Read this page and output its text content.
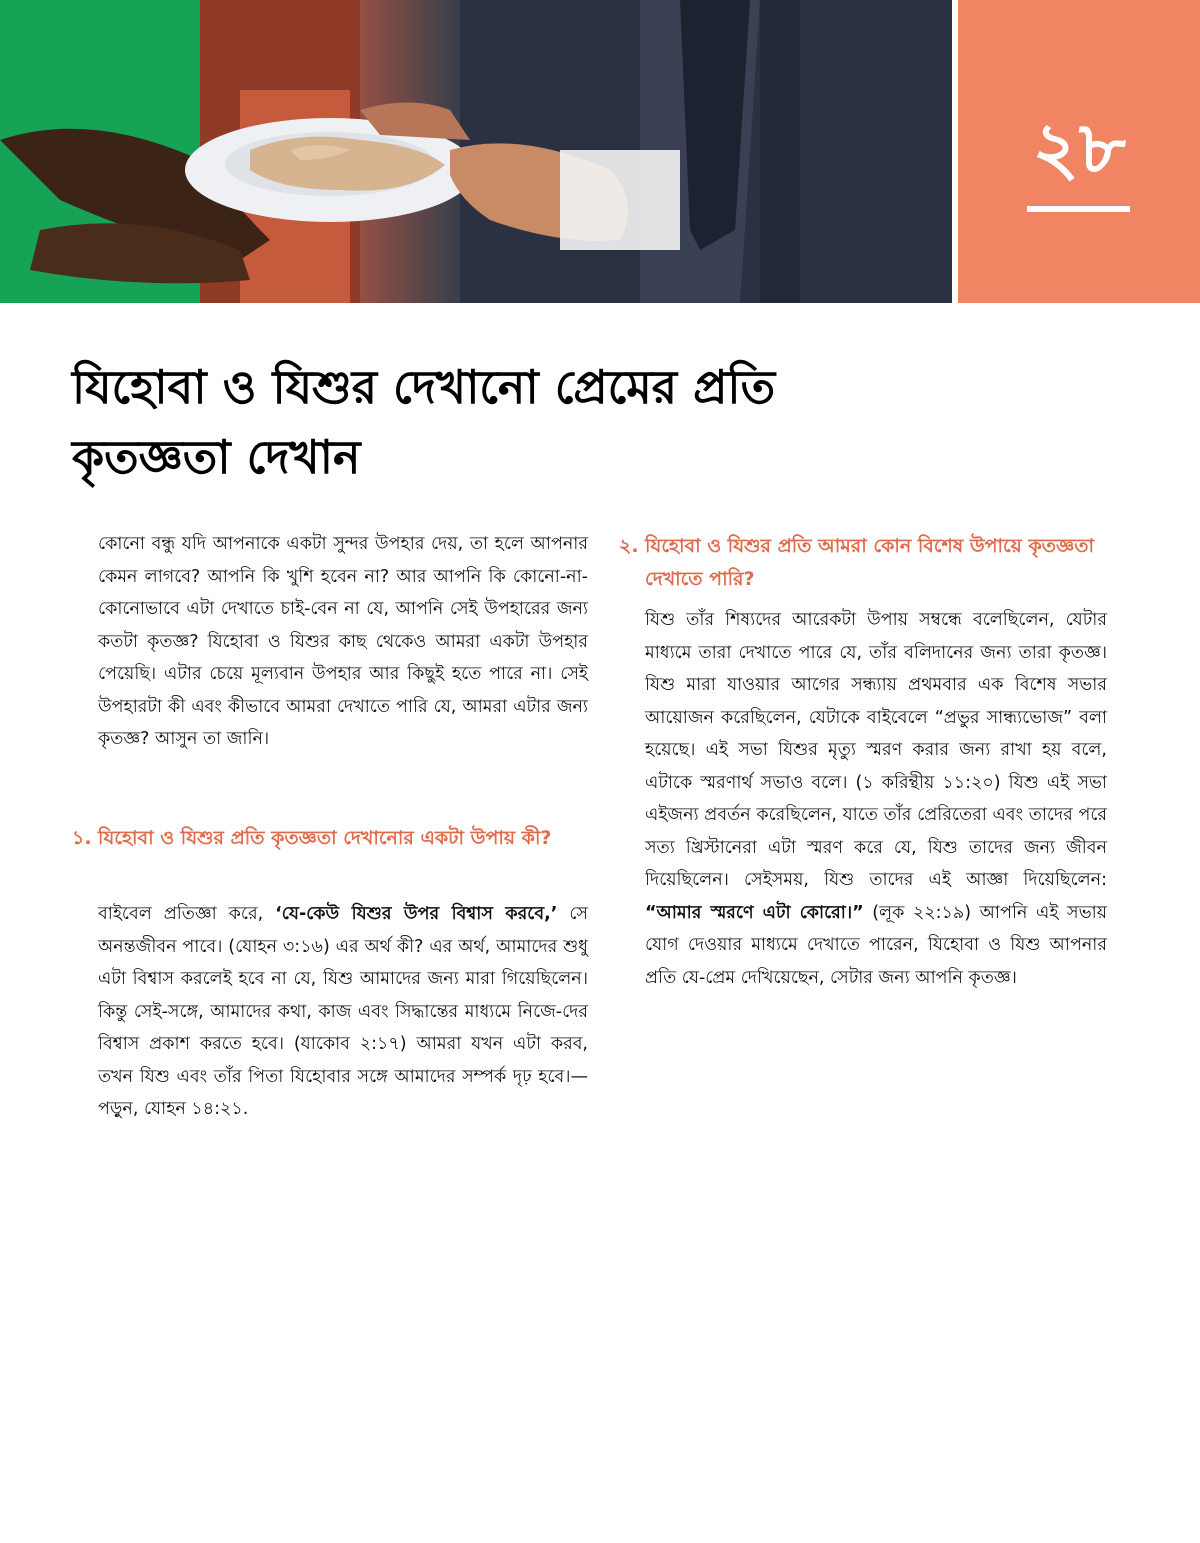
২৮
যিহোবা ও যিশুর দেখানো প্রেমের প্রতি কৃতজ্ঞতা দেখান

কোনো বন্ধু যদি আপনাকে একটা সুন্দর উপহার দেয়, তা হলে আপনার কেমন লাগবে? আপনি কি খুশি হবেন না? আর আপনি কি কোনো-না-কোনোভাবে এটা দেখাতে চাই-বেন না যে, আপনি সেই উপহারের জন্য কতটা কৃতজ্ঞ? যিহোবা ও যিশুর কাছ থেকেও আমরা একটা উপহার পেয়েছি। এটার চেয়ে মূল্যবান উপহার আর কিছুই হতে পারে না। সেই উপহারটা কী এবং কীভাবে আমরা দেখাতে পারি যে, আমরা এটার জন্য কৃতজ্ঞ? আসুন তা জানি।

১. যিহোবা ও যিশুর প্রতি কৃতজ্ঞতা দেখানোর একটা উপায় কী?

বাইবেল প্রতিজ্ঞা করে, ‘যে-কেউ যিশুর উপর বিশ্বাস করবে,’ সে অনন্তজীবন পাবে। (যোহন ৩:১৬) এর অর্থ কী? এর অর্থ, আমাদের শুধু এটা বিশ্বাস করলেই হবে না যে, যিশু আমাদের জন্য মারা গিয়েছিলেন। কিন্তু সেই-সঙ্গে, আমাদের কথা, কাজ এবং সিদ্ধান্তের মাধ্যমে নিজে-দের বিশ্বাস প্রকাশ করতে হবে। (যাকোব ২:১৭) আমরা যখন এটা করব, তখন যিশু এবং তাঁর পিতা যিহোবার সঙ্গে আমাদের সম্পর্ক দৃঢ় হবে।—পড়ুন, যোহন ১৪:২১.

২. যিহোবা ও যিশুর প্রতি আমরা কোন বিশেষ উপায়ে কৃতজ্ঞতা দেখাতে পারি?

যিশু তাঁর শিষ্যদের আরেকটা উপায় সম্বন্ধে বলেছিলেন, যেটার মাধ্যমে তারা দেখাতে পারে যে, তাঁর বলিদানের জন্য তারা কৃতজ্ঞ। যিশু মারা যাওয়ার আগের সন্ধ্যায় প্রথমবার এক বিশেষ সভার আয়োজন করেছিলেন, যেটাকে বাইবেলে “প্রভুর সান্ধ্যভোজ” বলা হয়েছে। এই সভা যিশুর মৃত্যু স্মরণ করার জন্য রাখা হয় বলে, এটাকে স্মরণার্থ সভাও বলে। (১ করিন্থীয় ১১:২০) যিশু এই সভা এইজন্য প্রবর্তন করেছিলেন, যাতে তাঁর প্রেরিতেরা এবং তাদের পরে সত্য খ্রিস্টানেরা এটা স্মরণ করে যে, যিশু তাদের জন্য জীবন দিয়েছিলেন। সেইসময়, যিশু তাদের এই আজ্ঞা দিয়েছিলেন: “আমার স্মরণে এটা কোরো।” (লূক ২২:১৯) আপনি এই সভায় যোগ দেওয়ার মাধ্যমে দেখাতে পারেন, যিহোবা ও যিশু আপনার প্রতি যে-প্রেম দেখিয়েছেন, সেটার জন্য আপনি কৃতজ্ঞ।
